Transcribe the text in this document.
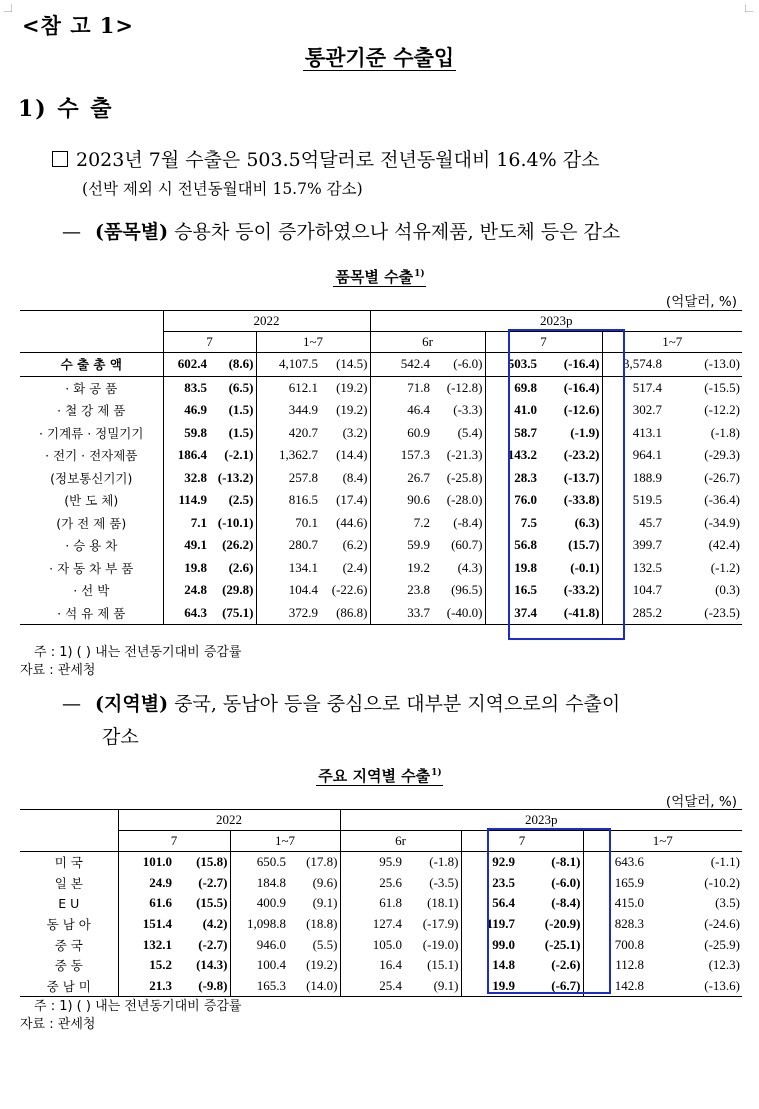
<참 고 1>
통관기준 수출입
1) 수 출
2023년 7월 수출은 503.5억달러로 전년동월대비 16.4% 감소
(선박 제외 시 전년동월대비 15.7% 감소)
— (품목별) 승용차 등이 증가하였으나 석유제품, 반도체 등은 감소
품목별 수출$^{1)}$
(억달러, %)
	2022				2023p					
	7		1~7		6r		7		1~7	
수 출 총 액	602.4	(8.6)	4,107.5	(14.5)	542.4	(-6.0)	503.5	(-16.4)	3,574.8	(-13.0)
· 화 공 품	83.5	(6.5)	612.1	(19.2)	71.8	(-12.8)	69.8	(-16.4)	517.4	(-15.5)
· 철 강 제 품	46.9	(1.5)	344.9	(19.2)	46.4	(-3.3)	41.0	(-12.6)	302.7	(-12.2)
· 기계류 · 정밀기기	59.8	(1.5)	420.7	(3.2)	60.9	(5.4)	58.7	(-1.9)	413.1	(-1.8)
· 전기 · 전자제품	186.4	(-2.1)	1,362.7	(14.4)	157.3	(-21.3)	143.2	(-23.2)	964.1	(-29.3)
(정보통신기기)	32.8	(-13.2)	257.8	(8.4)	26.7	(-25.8)	28.3	(-13.7)	188.9	(-26.7)
(반 도 체)	114.9	(2.5)	816.5	(17.4)	90.6	(-28.0)	76.0	(-33.8)	519.5	(-36.4)
(가 전 제 품)	7.1	(-10.1)	70.1	(44.6)	7.2	(-8.4)	7.5	(6.3)	45.7	(-34.9)
· 승 용 차	49.1	(26.2)	280.7	(6.2)	59.9	(60.7)	56.8	(15.7)	399.7	(42.4)
· 자 동 차 부 품	19.8	(2.6)	134.1	(2.4)	19.2	(4.3)	19.8	(-0.1)	132.5	(-1.2)
· 선 박	24.8	(29.8)	104.4	(-22.6)	23.8	(96.5)	16.5	(-33.2)	104.7	(0.3)
· 석 유 제 품	64.3	(75.1)	372.9	(86.8)	33.7	(-40.0)	37.4	(-41.8)	285.2	(-23.5)
주 : 1) ( ) 내는 전년동기대비 증감률
자료 : 관세청
— (지역별) 중국, 동남아 등을 중심으로 대부분 지역으로의 수출이
감소
주요 지역별 수출$^{1)}$
(억달러, %)
	2022				2023p					
	7		1~7		6r		7		1~7	
미 국	101.0	(15.8)	650.5	(17.8)	95.9	(-1.8)	92.9	(-8.1)	643.6	(-1.1)
일 본	24.9	(-2.7)	184.8	(9.6)	25.6	(-3.5)	23.5	(-6.0)	165.9	(-10.2)
E U	61.6	(15.5)	400.9	(9.1)	61.8	(18.1)	56.4	(-8.4)	415.0	(3.5)
동 남 아	151.4	(4.2)	1,098.8	(18.8)	127.4	(-17.9)	119.7	(-20.9)	828.3	(-24.6)
중 국	132.1	(-2.7)	946.0	(5.5)	105.0	(-19.0)	99.0	(-25.1)	700.8	(-25.9)
중 동	15.2	(14.3)	100.4	(19.2)	16.4	(15.1)	14.8	(-2.6)	112.8	(12.3)
중 남 미	21.3	(-9.8)	165.3	(14.0)	25.4	(9.1)	19.9	(-6.7)	142.8	(-13.6)
주 : 1) ( ) 내는 전년동기대비 증감률
자료 : 관세청
